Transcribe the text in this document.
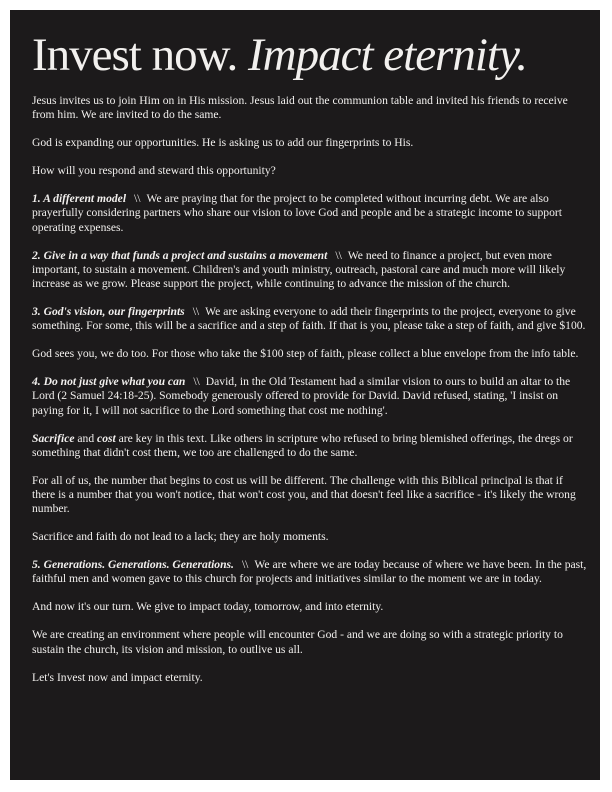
Invest now. Impact eternity.

Jesus invites us to join Him on in His mission. Jesus laid out the communion table and invited his friends to receive from him. We are invited to do the same.

God is expanding our opportunities. He is asking us to add our fingerprints to His.

How will you respond and steward this opportunity?

1. A different model \\ We are praying that for the project to be completed without incurring debt. We are also prayerfully considering partners who share our vision to love God and people and be a strategic income to support operating expenses.

2. Give in a way that funds a project and sustains a movement \\ We need to finance a project, but even more important, to sustain a movement. Children's and youth ministry, outreach, pastoral care and much more will likely increase as we grow. Please support the project, while continuing to advance the mission of the church.

3. God's vision, our fingerprints \\ We are asking everyone to add their fingerprints to the project, everyone to give something. For some, this will be a sacrifice and a step of faith. If that is you, please take a step of faith, and give $100.

God sees you, we do too. For those who take the $100 step of faith, please collect a blue envelope from the info table.

4. Do not just give what you can \\ David, in the Old Testament had a similar vision to ours to build an altar to the Lord (2 Samuel 24:18-25). Somebody generously offered to provide for David. David refused, stating, 'I insist on paying for it, I will not sacrifice to the Lord something that cost me nothing'.

Sacrifice and cost are key in this text. Like others in scripture who refused to bring blemished offerings, the dregs or something that didn't cost them, we too are challenged to do the same.

For all of us, the number that begins to cost us will be different. The challenge with this Biblical principal is that if there is a number that you won't notice, that won't cost you, and that doesn't feel like a sacrifice - it's likely the wrong number.

Sacrifice and faith do not lead to a lack; they are holy moments.

5. Generations. Generations. Generations. \\ We are where we are today because of where we have been. In the past, faithful men and women gave to this church for projects and initiatives similar to the moment we are in today.

And now it's our turn. We give to impact today, tomorrow, and into eternity.

We are creating an environment where people will encounter God - and we are doing so with a strategic priority to sustain the church, its vision and mission, to outlive us all.

Let's Invest now and impact eternity.
